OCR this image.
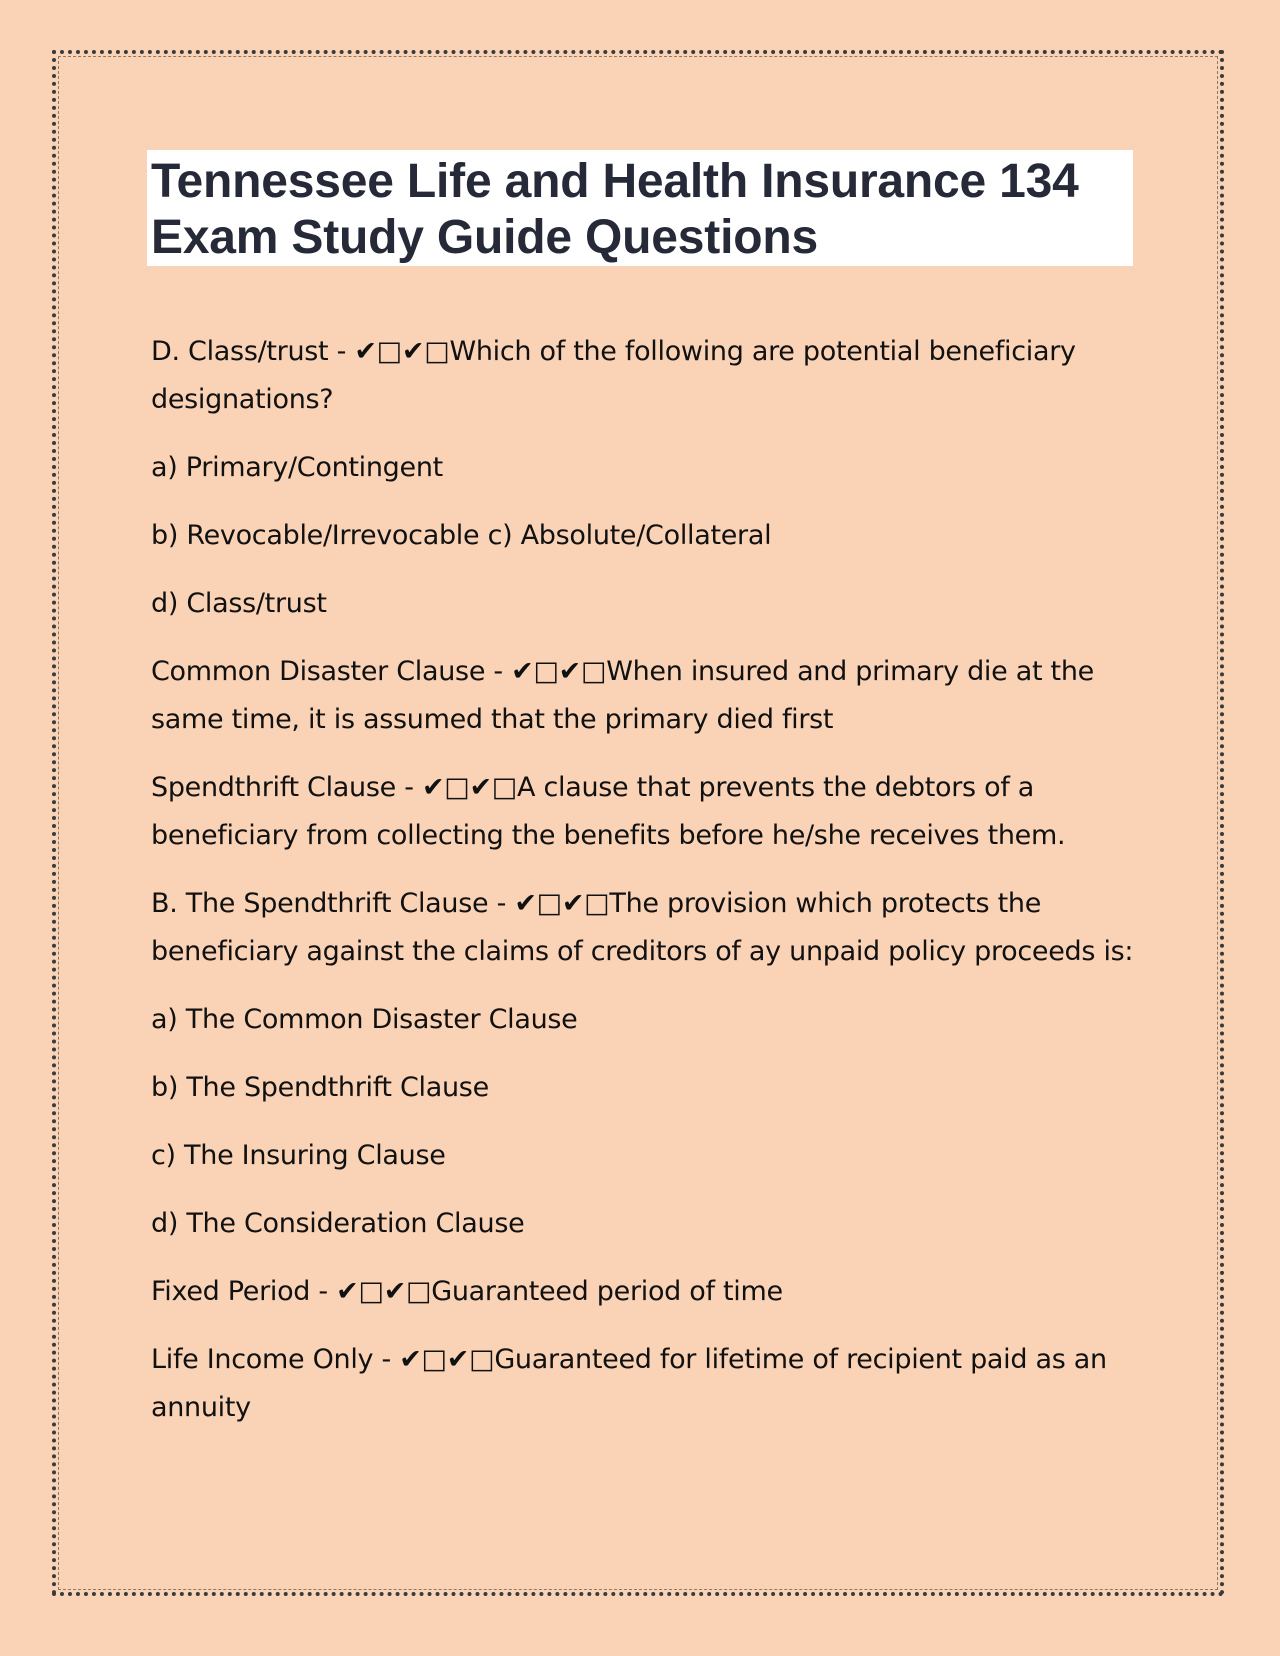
Tennessee Life and Health Insurance 134 Exam Study Guide Questions

D. Class/trust - ✔□✔□Which of the following are potential beneficiary designations?

a) Primary/Contingent

b) Revocable/Irrevocable c) Absolute/Collateral

d) Class/trust

Common Disaster Clause - ✔□✔□When insured and primary die at the same time, it is assumed that the primary died first

Spendthrift Clause - ✔□✔□A clause that prevents the debtors of a beneficiary from collecting the benefits before he/she receives them.

B. The Spendthrift Clause - ✔□✔□The provision which protects the beneficiary against the claims of creditors of ay unpaid policy proceeds is:

a) The Common Disaster Clause

b) The Spendthrift Clause

c) The Insuring Clause

d) The Consideration Clause

Fixed Period - ✔□✔□Guaranteed period of time

Life Income Only - ✔□✔□Guaranteed for lifetime of recipient paid as an annuity
